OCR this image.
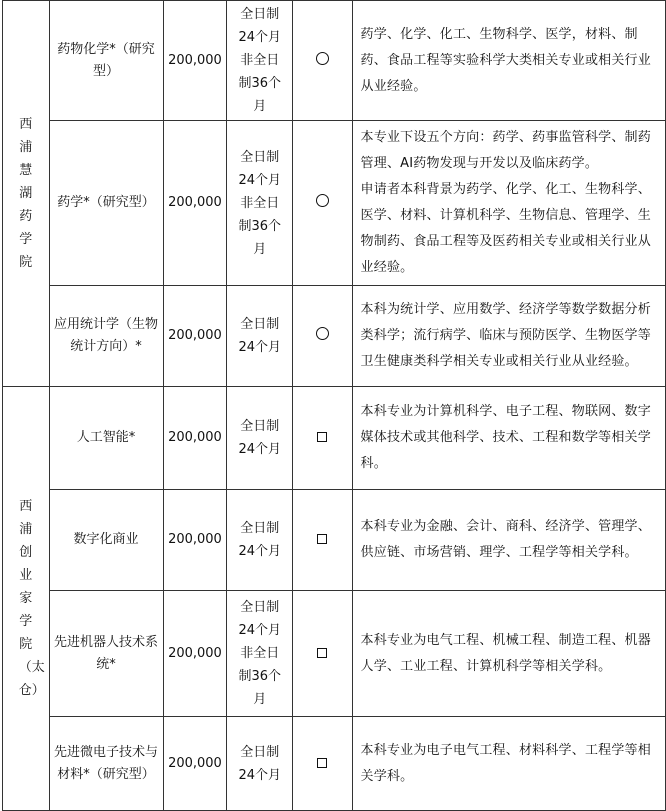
西浦慧湖药学院	药物化学*（研究型）	200,000	全日制24个月非全日制36个月		药学、化学、化工、生物科学、医学，材料、制药、食品工程等实验科学大类相关专业或相关行业从业经验。
	药学*（研究型）	200,000	全日制24个月非全日制36个月		本专业下设五个方向：药学、药事监管科学、制药管理、AI药物发现与开发以及临床药学。
申请者本科背景为药学、化学、化工、生物科学、医学、材料、计算机科学、生物信息、管理学、生物制药、食品工程等及医药相关专业或相关行业从业经验。

	应用统计学（生物统计方向）*	200,000	全日制24个月		本科为统计学、应用数学、经济学等数学数据分析类科学；流行病学、临床与预防医学、生物医学等卫生健康类科学相关专业或相关行业从业经验。
西浦创业家学院（太仓）	人工智能*	200,000	全日制24个月		本科专业为计算机科学、电子工程、物联网、数字媒体技术或其他科学、技术、工程和数学等相关学科。
	数字化商业	200,000	全日制24个月		本科专业为金融、会计、商科、经济学、管理学、供应链、市场营销、理学、工程学等相关学科。
	先进机器人技术系统*	200,000	全日制24个月非全日制36个月		本科专业为电气工程、机械工程、制造工程、机器人学、工业工程、计算机科学等相关学科。
	先进微电子技术与材料*（研究型）	200,000	全日制24个月		本科专业为电子电气工程、材料科学、工程学等相关学科。
